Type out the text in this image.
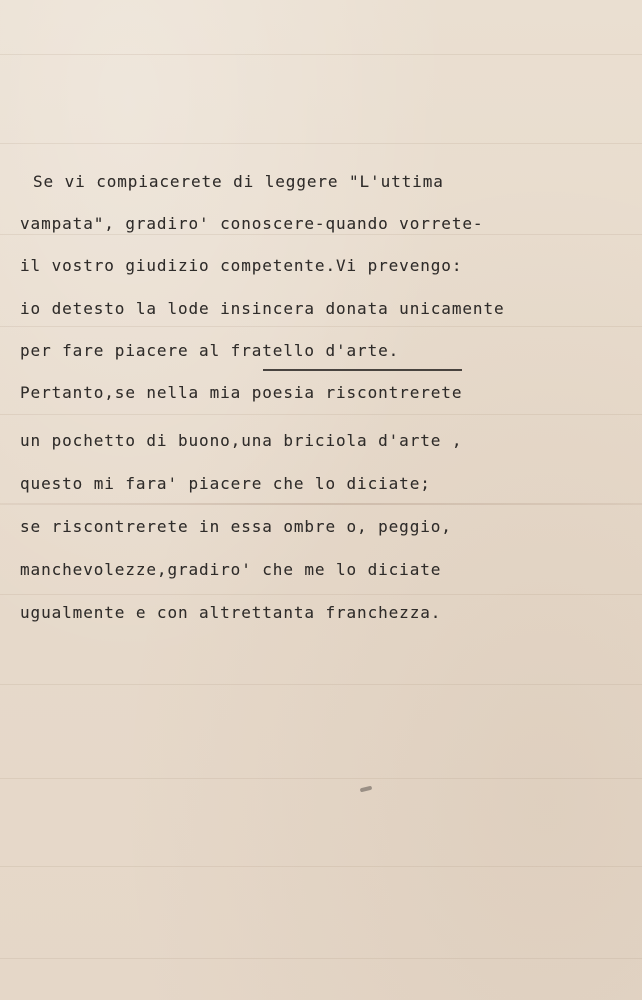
Se vi compiacerete di leggere "L'uttima
vampata", gradiro' conoscere-quando vorrete-
il vostro giudizio competente.Vi prevengo:
io detesto la lode insincera donata unicamente
per fare piacere al fratello d'arte.
Pertanto,se nella mia poesia riscontrerete
un pochetto di buono,una briciola d'arte ,
questo mi fara' piacere che lo diciate;
se riscontrerete in essa ombre o, peggio,
manchevolezze,gradiro' che me lo diciate
ugualmente e con altrettanta franchezza.
